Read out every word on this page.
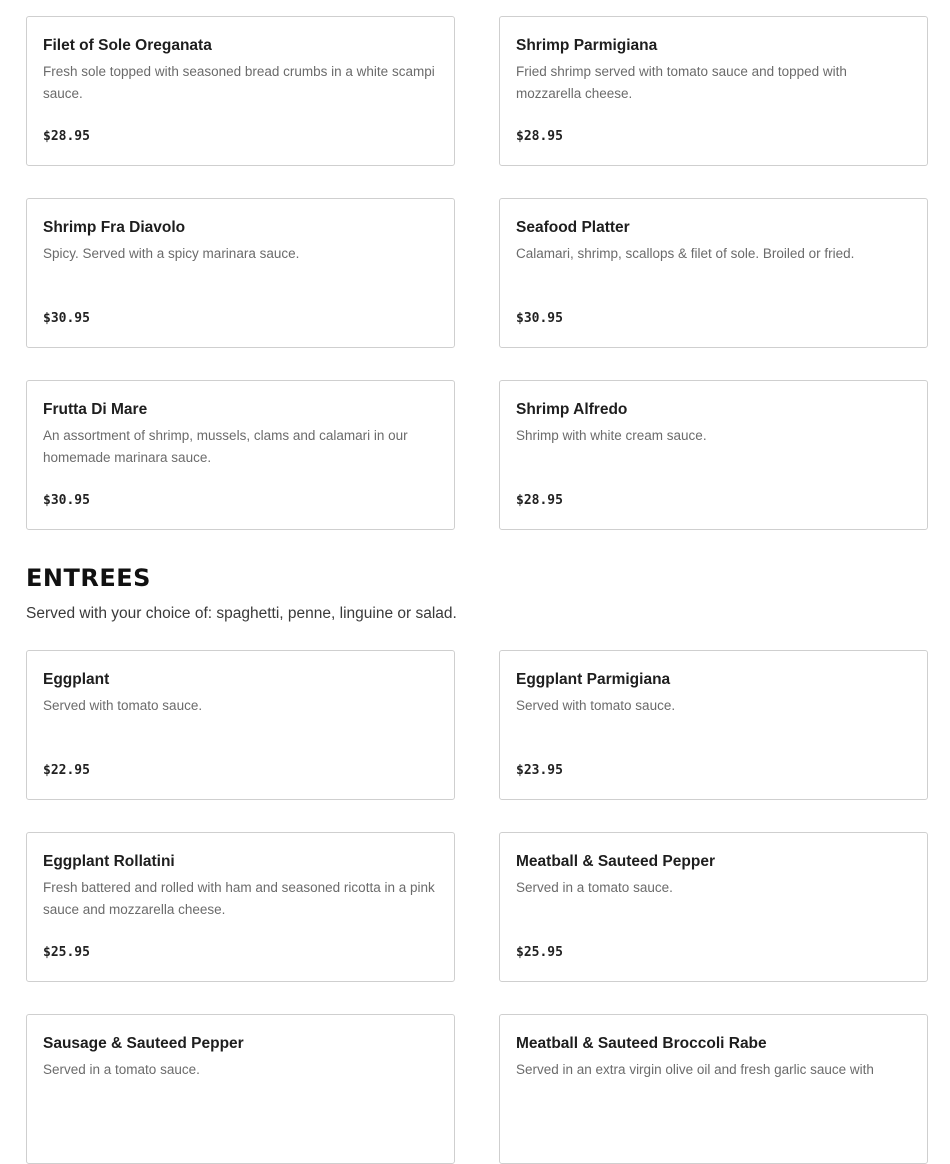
Filet of Sole Oreganata

Fresh sole topped with seasoned bread crumbs in a white scampi sauce.

$28.95

Shrimp Parmigiana

Fried shrimp served with tomato sauce and topped with mozzarella cheese.

$28.95

Shrimp Fra Diavolo

Spicy. Served with a spicy marinara sauce.

$30.95

Seafood Platter

Calamari, shrimp, scallops & filet of sole. Broiled or fried.

$30.95

Frutta Di Mare

An assortment of shrimp, mussels, clams and calamari in our homemade marinara sauce.

$30.95

Shrimp Alfredo

Shrimp with white cream sauce.

$28.95
ENTREES

Served with your choice of: spaghetti, penne, linguine or salad.

Eggplant

Served with tomato sauce.

$22.95

Eggplant Parmigiana

Served with tomato sauce.

$23.95

Eggplant Rollatini

Fresh battered and rolled with ham and seasoned ricotta in a pink sauce and mozzarella cheese.

$25.95

Meatball & Sauteed Pepper

Served in a tomato sauce.

$25.95

Sausage & Sauteed Pepper

Served in a tomato sauce.

Meatball & Sauteed Broccoli Rabe

Served in an extra virgin olive oil and fresh garlic sauce with
